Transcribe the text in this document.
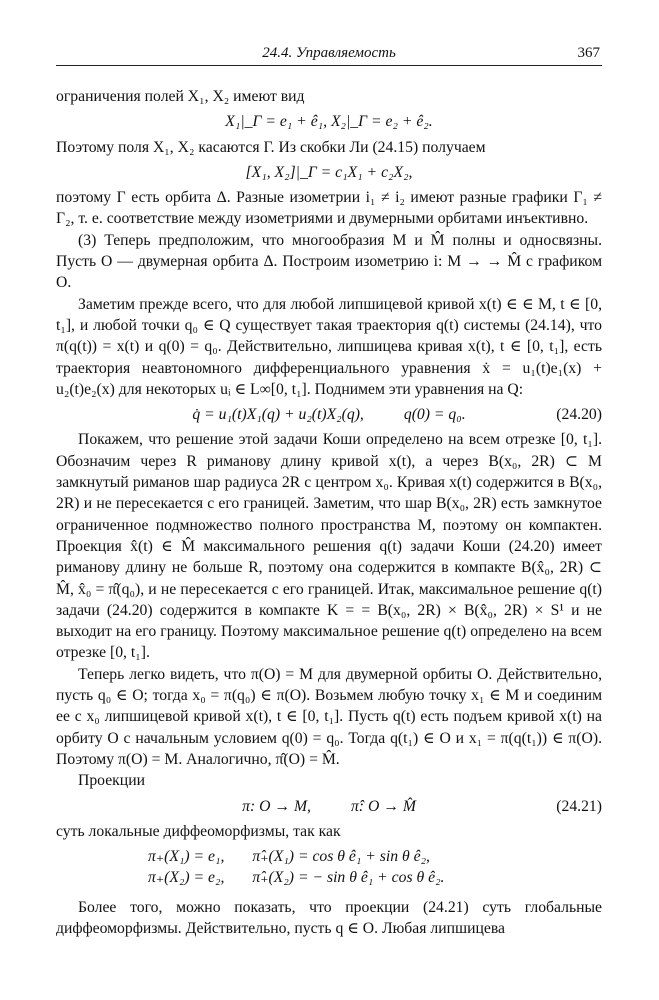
24.4. Управляемость	367

ограничения полей X₁, X₂ имеют вид

X₁|_Γ = e₁ + ê₁, X₂|_Γ = e₂ + ê₂.

Поэтому поля X₁, X₂ касаются Γ. Из скобки Ли (24.15) получаем

[X₁, X₂]|_Γ = c₁X₁ + c₂X₂,

поэтому Γ есть орбита Δ. Разные изометрии i₁ ≠ i₂ имеют разные графики Γ₁ ≠ Γ₂, т. е. соответствие между изометриями и двумерными орбитами инъективно.

(3) Теперь предположим, что многообразия M и M̂ полны и односвязны. Пусть O — двумерная орбита Δ. Построим изометрию i: M → → M̂ с графиком O.

Заметим прежде всего, что для любой липшицевой кривой x(t) ∈ ∈ M, t ∈ [0, t₁], и любой точки q₀ ∈ Q существует такая траектория q(t) системы (24.14), что π(q(t)) = x(t) и q(0) = q₀. Действительно, липшицева кривая x(t), t ∈ [0, t₁], есть траектория неавтономного дифференциального уравнения ẋ = u₁(t)e₁(x) + u₂(t)e₂(x) для некоторых uᵢ ∈ L∞[0, t₁]. Поднимем эти уравнения на Q:

q̇ = u₁(t)X₁(q) + u₂(t)X₂(q),	q(0) = q₀.	(24.20)

Покажем, что решение этой задачи Коши определено на всем отрезке [0, t₁]. Обозначим через R риманову длину кривой x(t), а через B(x₀, 2R) ⊂ M замкнутый риманов шар радиуса 2R с центром x₀. Кривая x(t) содержится в B(x₀, 2R) и не пересекается с его границей. Заметим, что шар B(x₀, 2R) есть замкнутое ограниченное подмножество полного пространства M, поэтому он компактен. Проекция x̂(t) ∈ M̂ максимального решения q(t) задачи Коши (24.20) имеет риманову длину не больше R, поэтому она содержится в компакте B(x̂₀, 2R) ⊂ M̂, x̂₀ = π̂(q₀), и не пересекается с его границей. Итак, максимальное решение q(t) задачи (24.20) содержится в компакте K = = B(x₀, 2R) × B(x̂₀, 2R) × S¹ и не выходит на его границу. Поэтому максимальное решение q(t) определено на всем отрезке [0, t₁].

Теперь легко видеть, что π(O) = M для двумерной орбиты O. Действительно, пусть q₀ ∈ O; тогда x₀ = π(q₀) ∈ π(O). Возьмем любую точку x₁ ∈ M и соединим ее с x₀ липшицевой кривой x(t), t ∈ [0, t₁]. Пусть q(t) есть подъем кривой x(t) на орбиту O с начальным условием q(0) = q₀. Тогда q(t₁) ∈ O и x₁ = π(q(t₁)) ∈ π(O). Поэтому π(O) = M. Аналогично, π̂(O) = M̂.

Проекции

π: O → M,	π̂: O → M̂	(24.21)

суть локальные диффеоморфизмы, так как

π₊(X₁) = e₁, π̂₊(X₁) = cos θ ê₁ + sin θ ê₂,
π₊(X₂) = e₂, π̂₊(X₂) = − sin θ ê₁ + cos θ ê₂.

Более того, можно показать, что проекции (24.21) суть глобальные диффеоморфизмы. Действительно, пусть q ∈ O. Любая липшицева
